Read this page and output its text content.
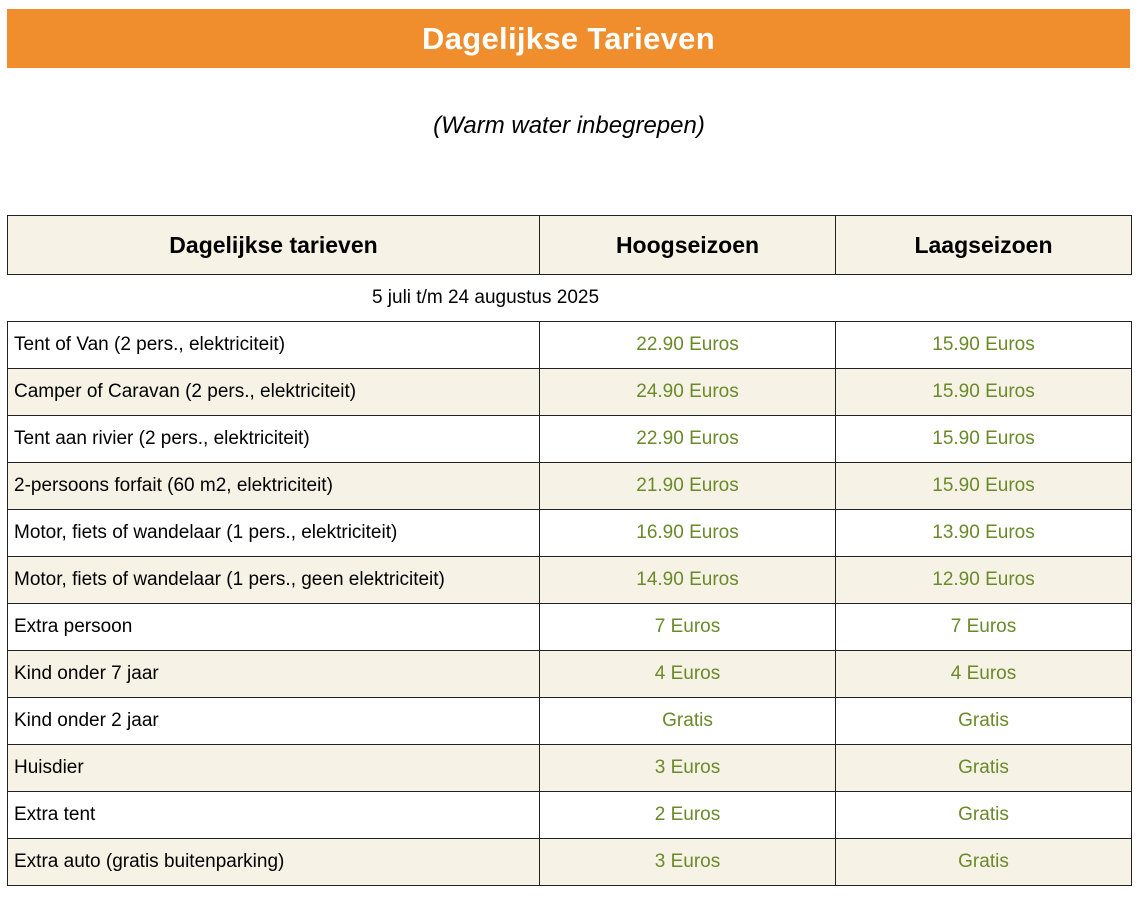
Dagelijkse Tarieven
(Warm water inbegrepen)
Dagelijkse tarieven	Hoogseizoen	Laagseizoen
5 juli t/m 24 augustus 2025		
Tent of Van (2 pers., elektriciteit)	22.90 Euros	15.90 Euros
Camper of Caravan (2 pers., elektriciteit)	24.90 Euros	15.90 Euros
Tent aan rivier (2 pers., elektriciteit)	22.90 Euros	15.90 Euros
2-persoons forfait (60 m2, elektriciteit)	21.90 Euros	15.90 Euros
Motor, fiets of wandelaar (1 pers., elektriciteit)	16.90 Euros	13.90 Euros
Motor, fiets of wandelaar (1 pers., geen elektriciteit)	14.90 Euros	12.90 Euros
Extra persoon	7 Euros	7 Euros
Kind onder 7 jaar	4 Euros	4 Euros
Kind onder 2 jaar	Gratis	Gratis
Huisdier	3 Euros	Gratis
Extra tent	2 Euros	Gratis
Extra auto (gratis buitenparking)	3 Euros	Gratis
